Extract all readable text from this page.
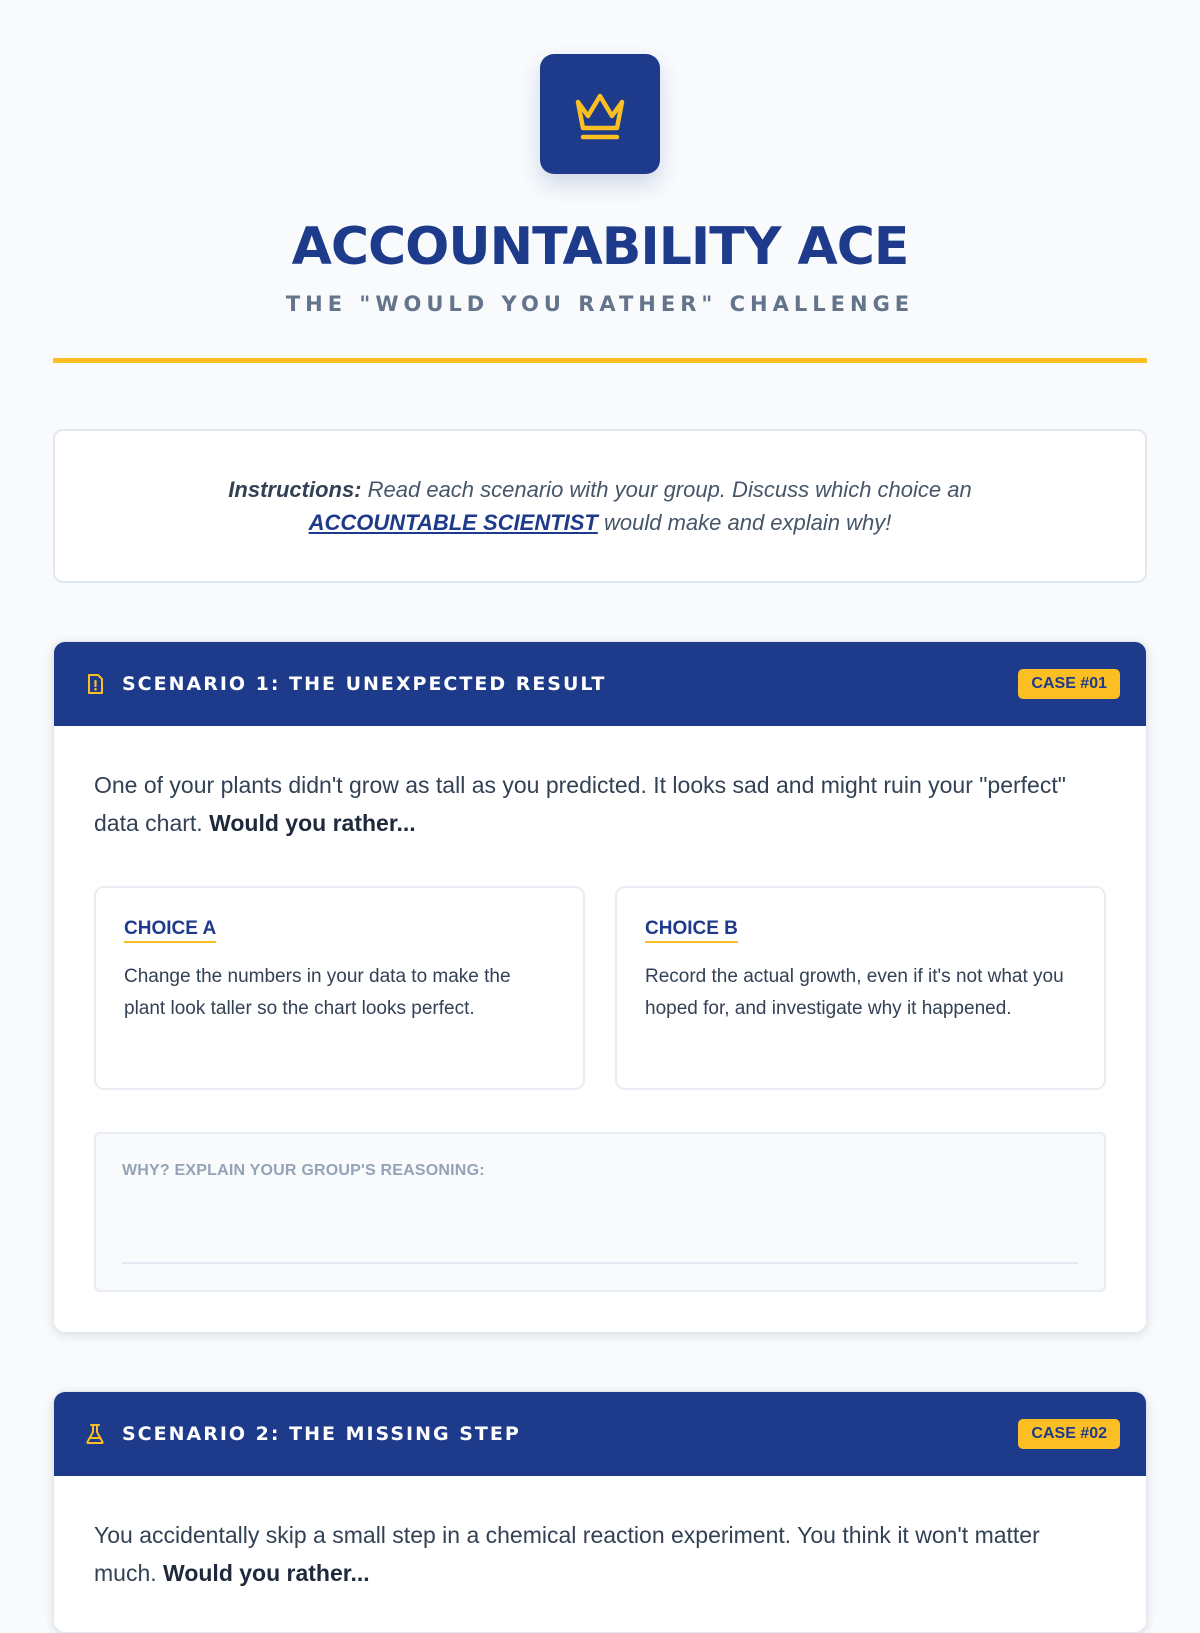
ACCOUNTABILITY ACE
THE "WOULD YOU RATHER" CHALLENGE
Instructions: Read each scenario with your group. Discuss which choice an
ACCOUNTABLE SCIENTIST would make and explain why!
SCENARIO 1: THE UNEXPECTED RESULT	CASE #01

One of your plants didn't grow as tall as you predicted. It looks sad and might ruin your "perfect" data chart. Would you rather...

CHOICE A
Change the numbers in your data to make the plant look taller so the chart looks perfect.
CHOICE B
Record the actual growth, even if it's not what you hoped for, and investigate why it happened.
WHY? EXPLAIN YOUR GROUP'S REASONING:
SCENARIO 2: THE MISSING STEP	CASE #02

You accidentally skip a small step in a chemical reaction experiment. You think it won't matter much. Would you rather...
